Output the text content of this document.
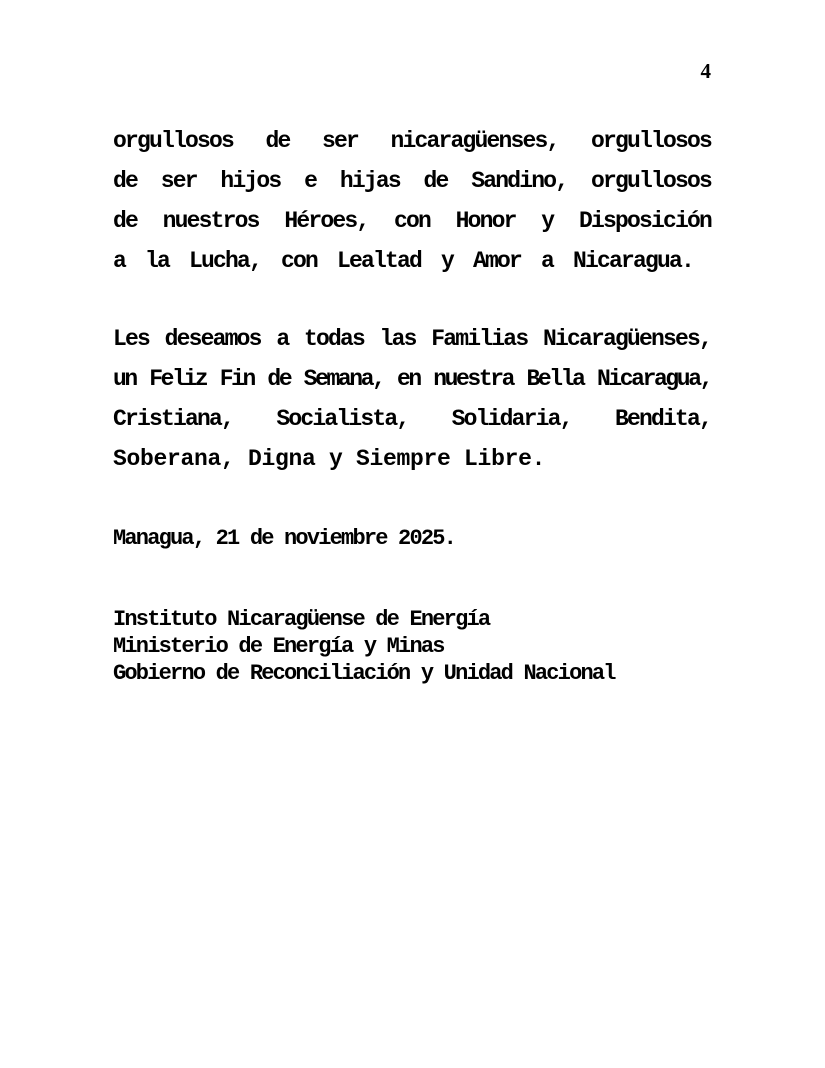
4
orgullosos de ser nicaragüenses, orgullosos
de ser hijos e hijas de Sandino, orgullosos
de nuestros Héroes, con Honor y Disposición
a la Lucha, con Lealtad y Amor a Nicaragua.
Les deseamos a todas las Familias Nicaragüenses,
un Feliz Fin de Semana, en nuestra Bella Nicaragua,
Cristiana, Socialista, Solidaria, Bendita,
Soberana, Digna y Siempre Libre.
Managua, 21 de noviembre 2025.
Instituto Nicaragüense de Energía
Ministerio de Energía y Minas
Gobierno de Reconciliación y Unidad Nacional
